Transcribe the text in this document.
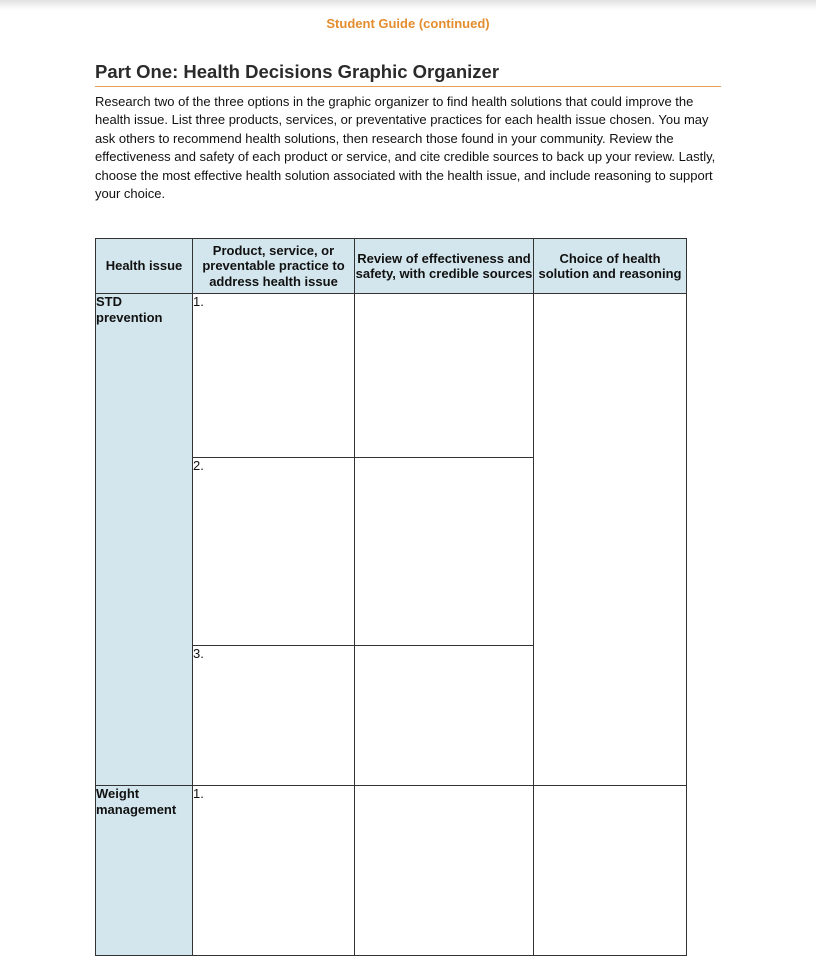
Student Guide (continued)
Part One: Health Decisions Graphic Organizer

Research two of the three options in the graphic organizer to find health solutions that could improve the health issue. List three products, services, or preventative practices for each health issue chosen. You may ask others to recommend health solutions, then research those found in your community. Review the effectiveness and safety of each product or service, and cite credible sources to back up your review. Lastly, choose the most effective health solution associated with the health issue, and include reasoning to support your choice.

Health issue	Product, service, or preventable practice to address health issue	Review of effectiveness and safety, with credible sources	Choice of health solution and reasoning
STD prevention	1.		
	2.		
	3.		
Weight management	1.		
